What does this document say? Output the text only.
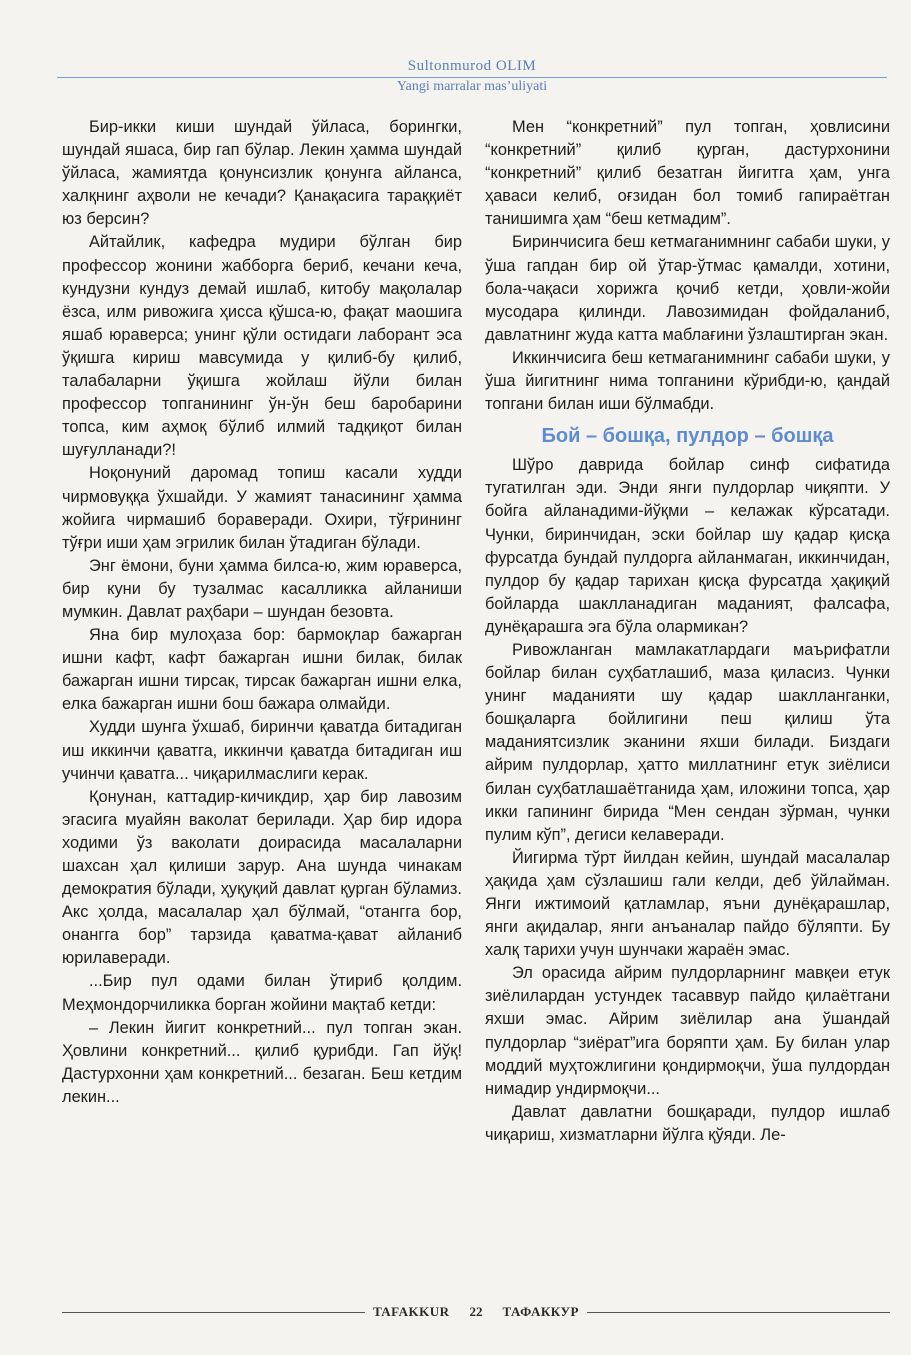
Sultonmurod OLIM
Yangi marralar mas’uliyati

Бир-икки киши шундай ўйласа, борингки, шундай яшаса, бир гап бўлар. Лекин ҳамма шундай ўйласа, жамиятда қонунсизлик қонунга айланса, халқнинг аҳволи не кечади? Қанақасига тараққиёт юз берсин?

Айтайлик, кафедра мудири бўлган бир профессор жонини жабборга бериб, кечани кеча, кундузни кундуз демай ишлаб, китобу мақолалар ёзса, илм ривожига ҳисса қўшса-ю, фақат маошига яшаб юраверса; унинг қўли остидаги лаборант эса ўқишга кириш мавсумида у қилиб-бу қилиб, талабаларни ўқишга жойлаш йўли билан профессор топганининг ўн-ўн беш баробарини топса, ким аҳмоқ бўлиб илмий тадқиқот билан шуғулланади?!

Ноқонуний даромад топиш касали худди чирмовуққа ўхшайди. У жамият танасининг ҳамма жойига чирмашиб бораверади. Охири, тўғрининг тўғри иши ҳам эгрилик билан ўтадиган бўлади.

Энг ёмони, буни ҳамма билса-ю, жим юраверса, бир куни бу тузалмас касалликка айланиши мумкин. Давлат раҳбари – шундан безовта.

Яна бир мулоҳаза бор: бармоқлар бажарган ишни кафт, кафт бажарган ишни билак, билак бажарган ишни тирсак, тирсак бажарган ишни елка, елка бажарган ишни бош бажара олмайди.

Худди шунга ўхшаб, биринчи қаватда битадиган иш иккинчи қаватга, иккинчи қаватда битадиган иш учинчи қаватга... чиқарилмаслиги керак.

Қонунан, каттадир-кичикдир, ҳар бир лавозим эгасига муайян ваколат берилади. Ҳар бир идора ходими ўз ваколати доирасида масалаларни шахсан ҳал қилиши зарур. Ана шунда чинакам демократия бўлади, ҳуқуқий давлат қурган бўламиз. Акс ҳолда, масалалар ҳал бўлмай, “отангга бор, онангга бор” тарзида қаватма-қават айланиб юрилаверади.

...Бир пул одами билан ўтириб қолдим. Меҳмондорчиликка борган жойини мақтаб кетди:

– Лекин йигит конкретний... пул топган экан. Ҳовлини конкретний... қилиб қурибди. Гап йўқ! Дастурхонни ҳам конкретний... безаган. Беш кетдим лекин...

Мен “конкретний” пул топган, ҳовлисини “конкретний” қилиб қурган, дастурхонини “конкретний” қилиб безатган йигитга ҳам, унга ҳаваси келиб, оғзидан бол томиб гапираётган танишимга ҳам “беш кетмадим”.

Биринчисига беш кетмаганимнинг сабаби шуки, у ўша гапдан бир ой ўтар-ўтмас қамалди, хотини, бола-чақаси хорижга қочиб кетди, ҳовли-жойи мусодара қилинди. Лавозимидан фойдаланиб, давлатнинг жуда катта маблағини ўзлаштирган экан.

Иккинчисига беш кетмаганимнинг сабаби шуки, у ўша йигитнинг нима топганини кўрибди-ю, қандай топгани билан иши бўлмабди.

Бой – бошқа, пулдор – бошқа

Шўро даврида бойлар синф сифатида тугатилган эди. Энди янги пулдорлар чиқяпти. У бойга айланадими-йўқми – келажак кўрсатади. Чунки, биринчидан, эски бойлар шу қадар қисқа фурсатда бундай пулдорга айланмаган, иккинчидан, пулдор бу қадар тарихан қисқа фурсатда ҳақиқий бойларда шаклланадиган маданият, фалсафа, дунёқарашга эга бўла олармикан?

Ривожланган мамлакатлардаги маърифатли бойлар билан суҳбатлашиб, маза қиласиз. Чунки унинг маданияти шу қадар шаклланганки, бошқаларга бойлигини пеш қилиш ўта маданиятсизлик эканини яхши билади. Биздаги айрим пулдорлар, ҳатто миллатнинг етук зиёлиси билан суҳбатлашаётганида ҳам, иложини топса, ҳар икки гапининг бирида “Мен сендан зўрман, чунки пулим кўп”, дегиси келаверади.

Йигирма тўрт йилдан кейин, шундай масалалар ҳақида ҳам сўзлашиш гали келди, деб ўйлайман. Янги ижтимоий қатламлар, яъни дунёқарашлар, янги ақидалар, янги анъаналар пайдо бўляпти. Бу халқ тарихи учун шунчаки жараён эмас.

Эл орасида айрим пулдорларнинг мавқеи етук зиёлилардан устундек тасаввур пайдо қилаётгани яхши эмас. Айрим зиёлилар ана ўшандай пулдорлар “зиёрат”ига боряпти ҳам. Бу билан улар моддий муҳтожлигини қондирмоқчи, ўша пулдордан нимадир ундирмоқчи...

Давлат давлатни бошқаради, пулдор ишлаб чиқариш, хизматларни йўлга қўяди. Ле-

TAFAKKUR	22	ТАФАККУР
